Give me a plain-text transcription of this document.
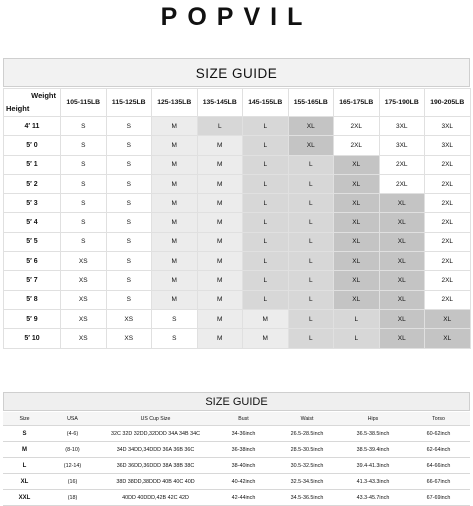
POPVIL
SIZE GUIDE
Weight
Height	105-115LB	115-125LB	125-135LB	135-145LB	145-155LB	155-165LB	165-175LB	175-190LB	190-205LB
4′ 11	S	S	M	L	L	XL	2XL	3XL	3XL
5′ 0	S	S	M	M	L	XL	2XL	3XL	3XL
5′ 1	S	S	M	M	L	L	XL	2XL	2XL
5′ 2	S	S	M	M	L	L	XL	2XL	2XL
5′ 3	S	S	M	M	L	L	XL	XL	2XL
5′ 4	S	S	M	M	L	L	XL	XL	2XL
5′ 5	S	S	M	M	L	L	XL	XL	2XL
5′ 6	XS	S	M	M	L	L	XL	XL	2XL
5′ 7	XS	S	M	M	L	L	XL	XL	2XL
5′ 8	XS	S	M	M	L	L	XL	XL	2XL
5′ 9	XS	XS	S	M	M	L	L	XL	XL
5′ 10	XS	XS	S	M	M	L	L	XL	XL
SIZE GUIDE
Size	USA	US Cup Size	Bust	Waist	Hips	Torso
S	(4-6)	32C 32D 32DD,32DDD 34A 34B 34C	34-36inch	26.5-28.5inch	36.5-38.5inch	60-62inch
M	(8-10)	34D 34DD,34DDD 36A 36B 36C	36-38inch	28.5-30.5inch	38.5-39.4inch	62-64inch
L	(12-14)	36D 36DD,36DDD 38A 38B 38C	38-40inch	30.5-32.5inch	39.4-41.3inch	64-66inch
XL	(16)	38D 38DD,38DDD 40B 40C 40D	40-42inch	32.5-34.5inch	41.3-43.3inch	66-67inch
XXL	(18)	40DD 40DDD,42B 42C 42D	42-44inch	34.5-36.5inch	43.3-45.7inch	67-69inch
